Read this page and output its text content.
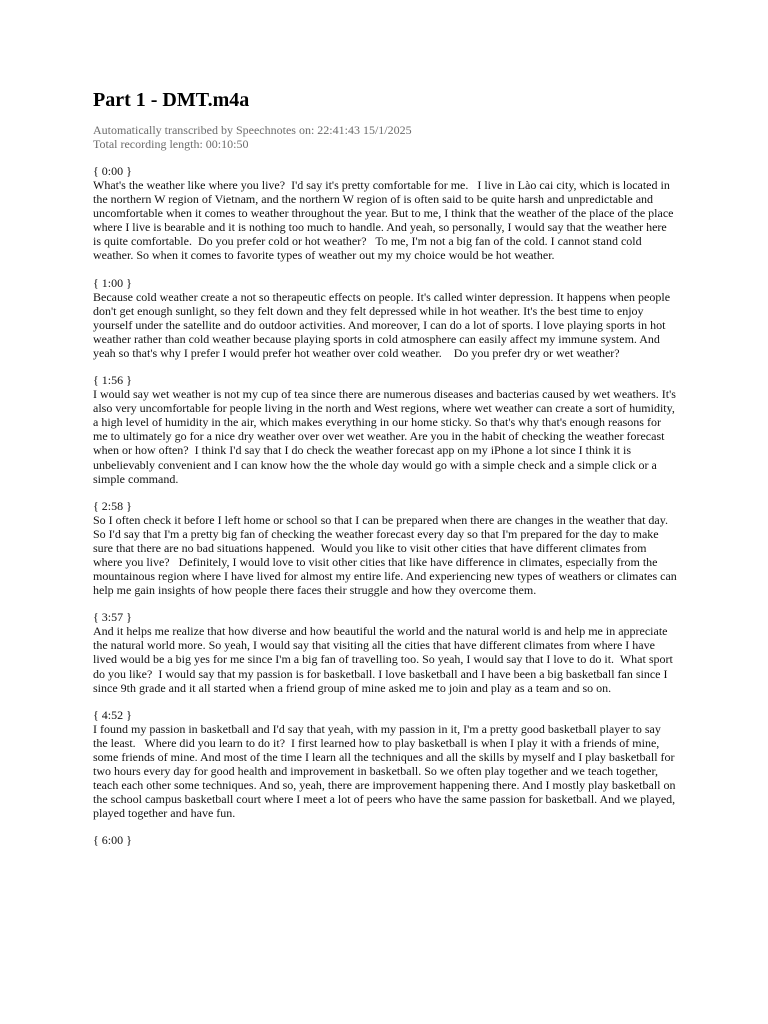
Part 1 - DMT.m4a
Automatically transcribed by Speechnotes on: 22:41:43 15/1/2025
Total recording length: 00:10:50
{ 0:00 }

What's the weather like where you live?  I'd say it's pretty comfortable for me.   I live in Lào cai city, which is located in the northern W region of Vietnam, and the northern W region of is often said to be quite harsh and unpredictable and uncomfortable when it comes to weather throughout the year. But to me, I think that the weather of the place of the place where I live is bearable and it is nothing too much to handle. And yeah, so personally, I would say that the weather here is quite comfortable.  Do you prefer cold or hot weather?   To me, I'm not a big fan of the cold. I cannot stand cold weather. So when it comes to favorite types of weather out my my choice would be hot weather.

{ 1:00 }

Because cold weather create a not so therapeutic effects on people. It's called winter depression. It happens when people don't get enough sunlight, so they felt down and they felt depressed while in hot weather. It's the best time to enjoy yourself under the satellite and do outdoor activities. And moreover, I can do a lot of sports. I love playing sports in hot weather rather than cold weather because playing sports in cold atmosphere can easily affect my immune system. And yeah so that's why I prefer I would prefer hot weather over cold weather.    Do you prefer dry or wet weather?

{ 1:56 }

I would say wet weather is not my cup of tea since there are numerous diseases and bacterias caused by wet weathers. It's also very uncomfortable for people living in the north and West regions, where wet weather can create a sort of humidity, a high level of humidity in the air, which makes everything in our home sticky. So that's why that's enough reasons for me to ultimately go for a nice dry weather over over wet weather. Are you in the habit of checking the weather forecast when or how often?  I think I'd say that I do check the weather forecast app on my iPhone a lot since I think it is unbelievably convenient and I can know how the the whole day would go with a simple check and a simple click or a simple command.

{ 2:58 }

So I often check it before I left home or school so that I can be prepared when there are changes in the weather that day. So I'd say that I'm a pretty big fan of checking the weather forecast every day so that I'm prepared for the day to make sure that there are no bad situations happened.  Would you like to visit other cities that have different climates from where you live?   Definitely, I would love to visit other cities that like have difference in climates, especially from the mountainous region where I have lived for almost my entire life. And experiencing new types of weathers or climates can help me gain insights of how people there faces their struggle and how they overcome them.

{ 3:57 }

And it helps me realize that how diverse and how beautiful the world and the natural world is and help me in appreciate the natural world more. So yeah, I would say that visiting all the cities that have different climates from where I have lived would be a big yes for me since I'm a big fan of travelling too. So yeah, I would say that I love to do it.  What sport do you like?  I would say that my passion is for basketball. I love basketball and I have been a big basketball fan since I since 9th grade and it all started when a friend group of mine asked me to join and play as a team and so on.

{ 4:52 }

I found my passion in basketball and I'd say that yeah, with my passion in it, I'm a pretty good basketball player to say the least.   Where did you learn to do it?  I first learned how to play basketball is when I play it with a friends of mine, some friends of mine. And most of the time I learn all the techniques and all the skills by myself and I play basketball for two hours every day for good health and improvement in basketball. So we often play together and we teach together, teach each other some techniques. And so, yeah, there are improvement happening there. And I mostly play basketball on the school campus basketball court where I meet a lot of peers who have the same passion for basketball. And we played, played together and have fun.

{ 6:00 }
